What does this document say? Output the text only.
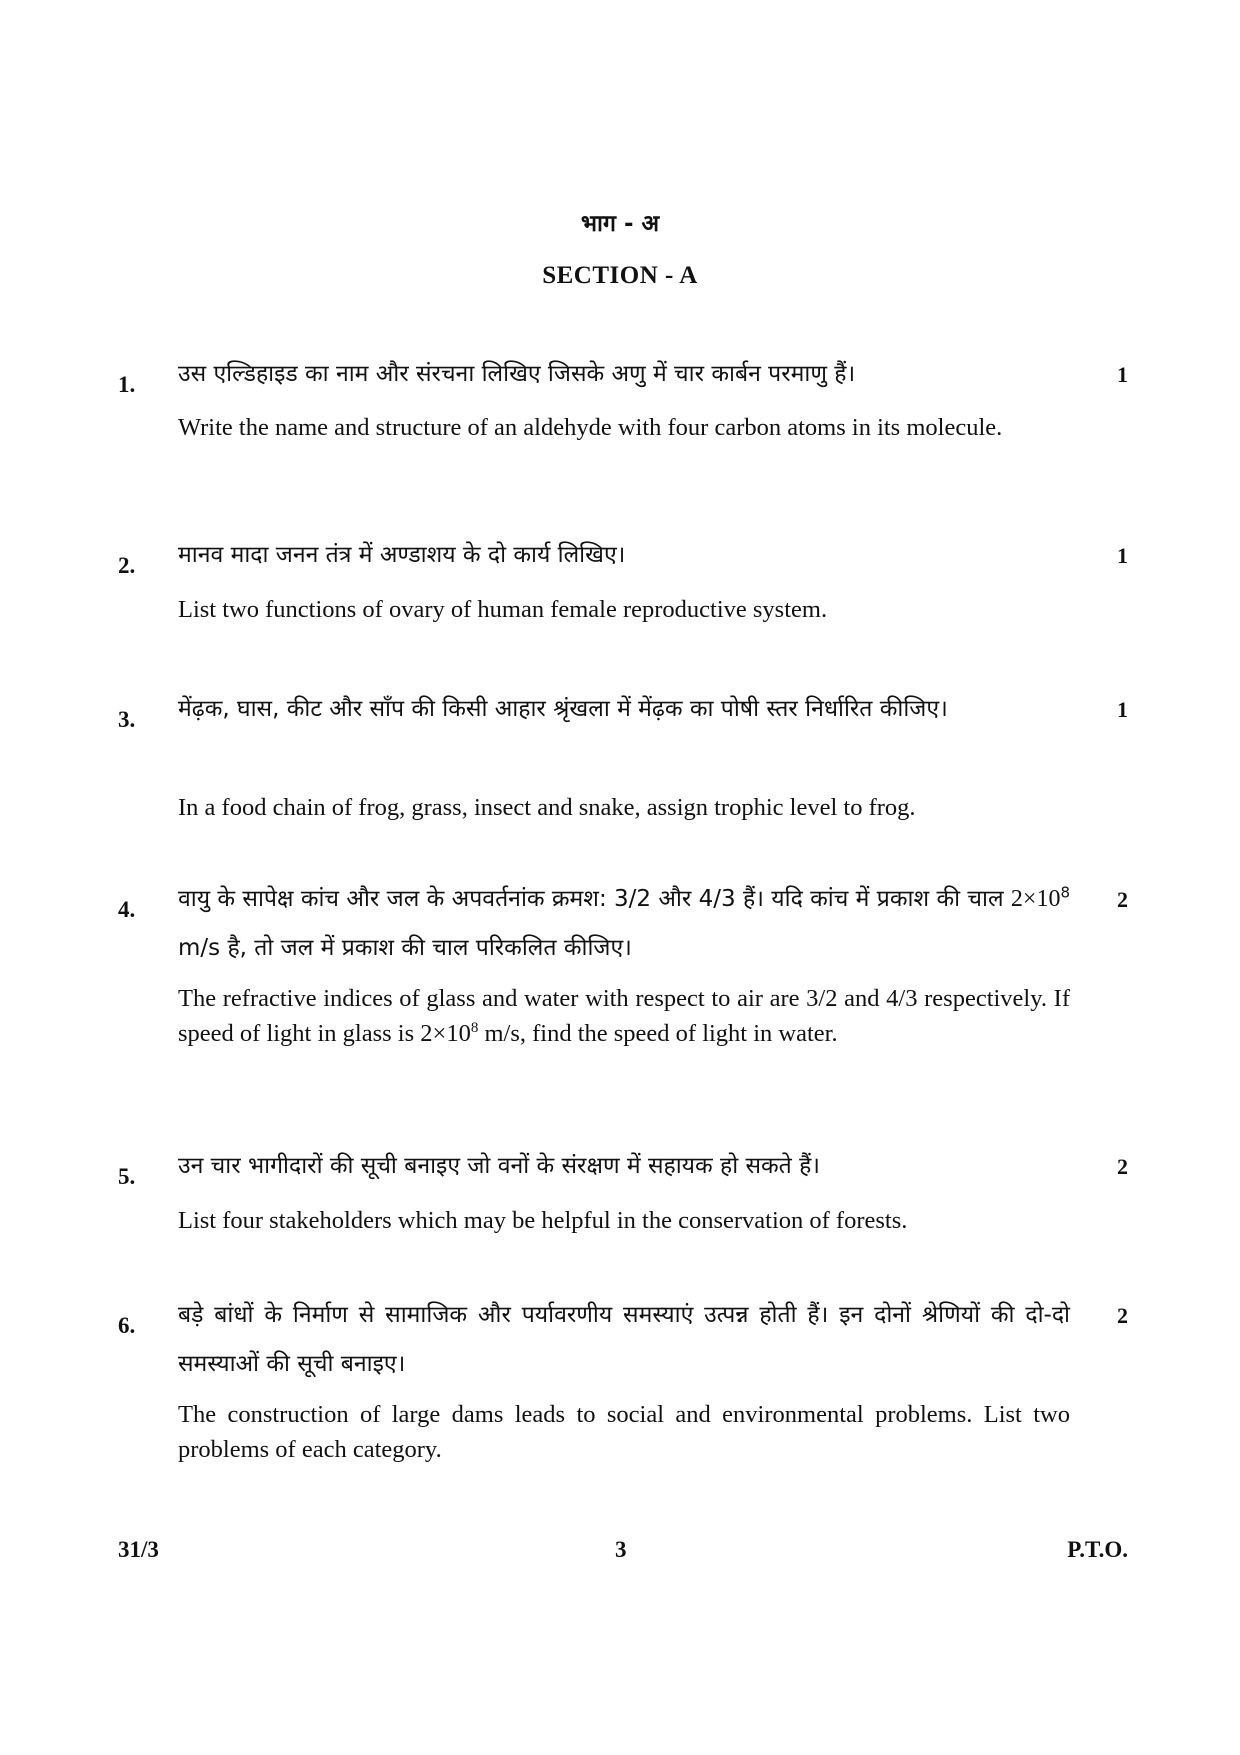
भाग - अ
SECTION - A
1.	1
उस एल्डिहाइड का नाम और संरचना लिखिए जिसके अणु में चार कार्बन परमाणु हैं।
Write the name and structure of an aldehyde with four carbon atoms in its molecule.
2.	1
मानव मादा जनन तंत्र में अण्डाशय के दो कार्य लिखिए।
List two functions of ovary of human female reproductive system.
3.	1
मेंढ़क, घास, कीट और साँप की किसी आहार श्रृंखला में मेंढ़क का पोषी स्तर निर्धारित कीजिए।
In a food chain of frog, grass, insect and snake, assign trophic level to frog.
4.	2
वायु के सापेक्ष कांच और जल के अपवर्तनांक क्रमश: 3/2 और 4/3 हैं। यदि कांच में प्रकाश की चाल $2\times 10^8$ m/s है, तो जल में प्रकाश की चाल परिकलित कीजिए।
The refractive indices of glass and water with respect to air are 3/2 and 4/3 respectively. If speed of light in glass is $2\times 10^8$ m/s, find the speed of light in water.
5.	2
उन चार भागीदारों की सूची बनाइए जो वनों के संरक्षण में सहायक हो सकते हैं।
List four stakeholders which may be helpful in the conservation of forests.
6.	2
बड़े बांधों के निर्माण से सामाजिक और पर्यावरणीय समस्याएं उत्पन्न होती हैं। इन दोनों श्रेणियों की दो-दो समस्याओं की सूची बनाइए।
The construction of large dams leads to social and environmental problems. List two problems of each category.
31/3	3	P.T.O.
